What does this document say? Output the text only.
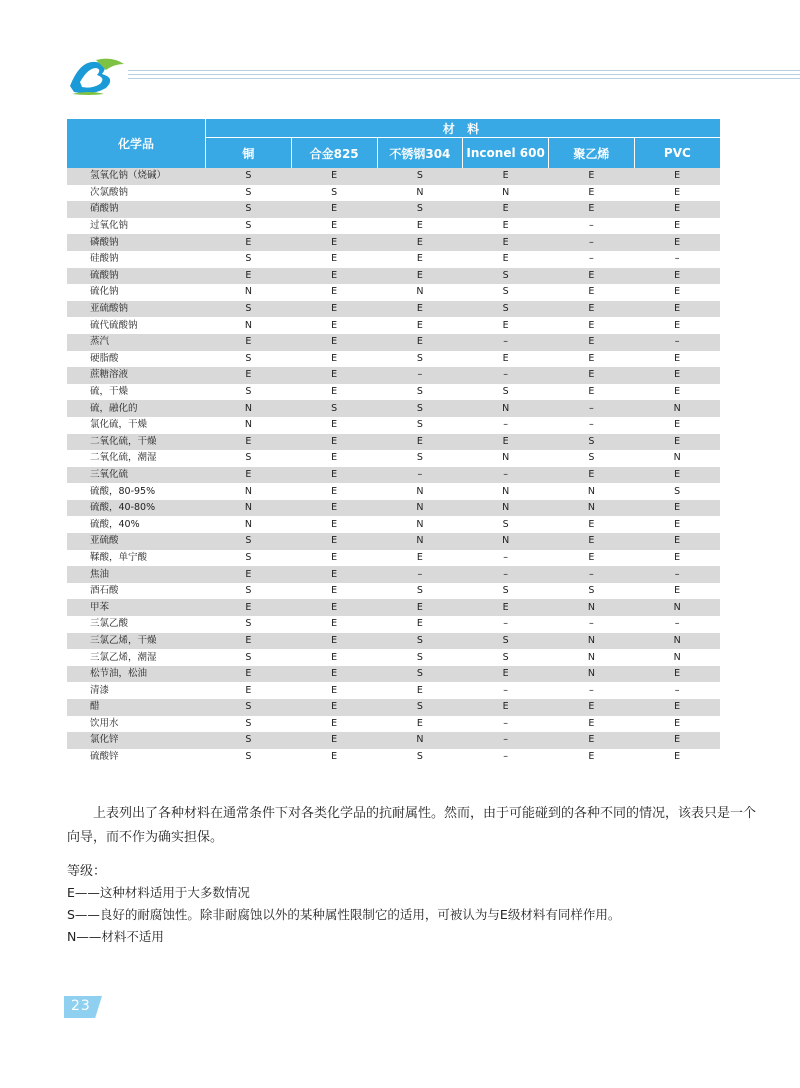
化学品	材 料					
	铜	合金825	不锈钢304	Inconel 600	聚乙烯	PVC
氢氧化钠（烧碱）	S	E	S	E	E	E
次氯酸钠	S	S	N	N	E	E
硝酸钠	S	E	S	E	E	E
过氧化钠	S	E	E	E	–	E
磷酸钠	E	E	E	E	–	E
硅酸钠	S	E	E	E	–	–
硫酸钠	E	E	E	S	E	E
硫化钠	N	E	N	S	E	E
亚硫酸钠	S	E	E	S	E	E
硫代硫酸钠	N	E	E	E	E	E
蒸汽	E	E	E	–	E	–
硬脂酸	S	E	S	E	E	E
蔗糖溶液	E	E	–	–	E	E
硫，干燥	S	E	S	S	E	E
硫，融化的	N	S	S	N	–	N
氯化硫，干燥	N	E	S	–	–	E
二氧化硫，干燥	E	E	E	E	S	E
二氧化硫，潮湿	S	E	S	N	S	N
三氧化硫	E	E	–	–	E	E
硫酸，80-95%	N	E	N	N	N	S
硫酸，40-80%	N	E	N	N	N	E
硫酸，40%	N	E	N	S	E	E
亚硫酸	S	E	N	N	E	E
鞣酸，单宁酸	S	E	E	–	E	E
焦油	E	E	–	–	–	–
酒石酸	S	E	S	S	S	E
甲苯	E	E	E	E	N	N
三氯乙酸	S	E	E	–	–	–
三氯乙烯，干燥	E	E	S	S	N	N
三氯乙烯，潮湿	S	E	S	S	N	N
松节油，松油	E	E	S	E	N	E
清漆	E	E	E	–	–	–
醋	S	E	S	E	E	E
饮用水	S	E	E	–	E	E
氯化锌	S	E	N	–	E	E
硫酸锌	S	E	S	–	E	E
上表列出了各种材料在通常条件下对各类化学品的抗耐属性。然而，由于可能碰到的各种不同的情况，该表只是一个向导，而不作为确实担保。
等级：
E——这种材料适用于大多数情况
S——良好的耐腐蚀性。除非耐腐蚀以外的某种属性限制它的适用，可被认为与E级材料有同样作用。
N——材料不适用
23
